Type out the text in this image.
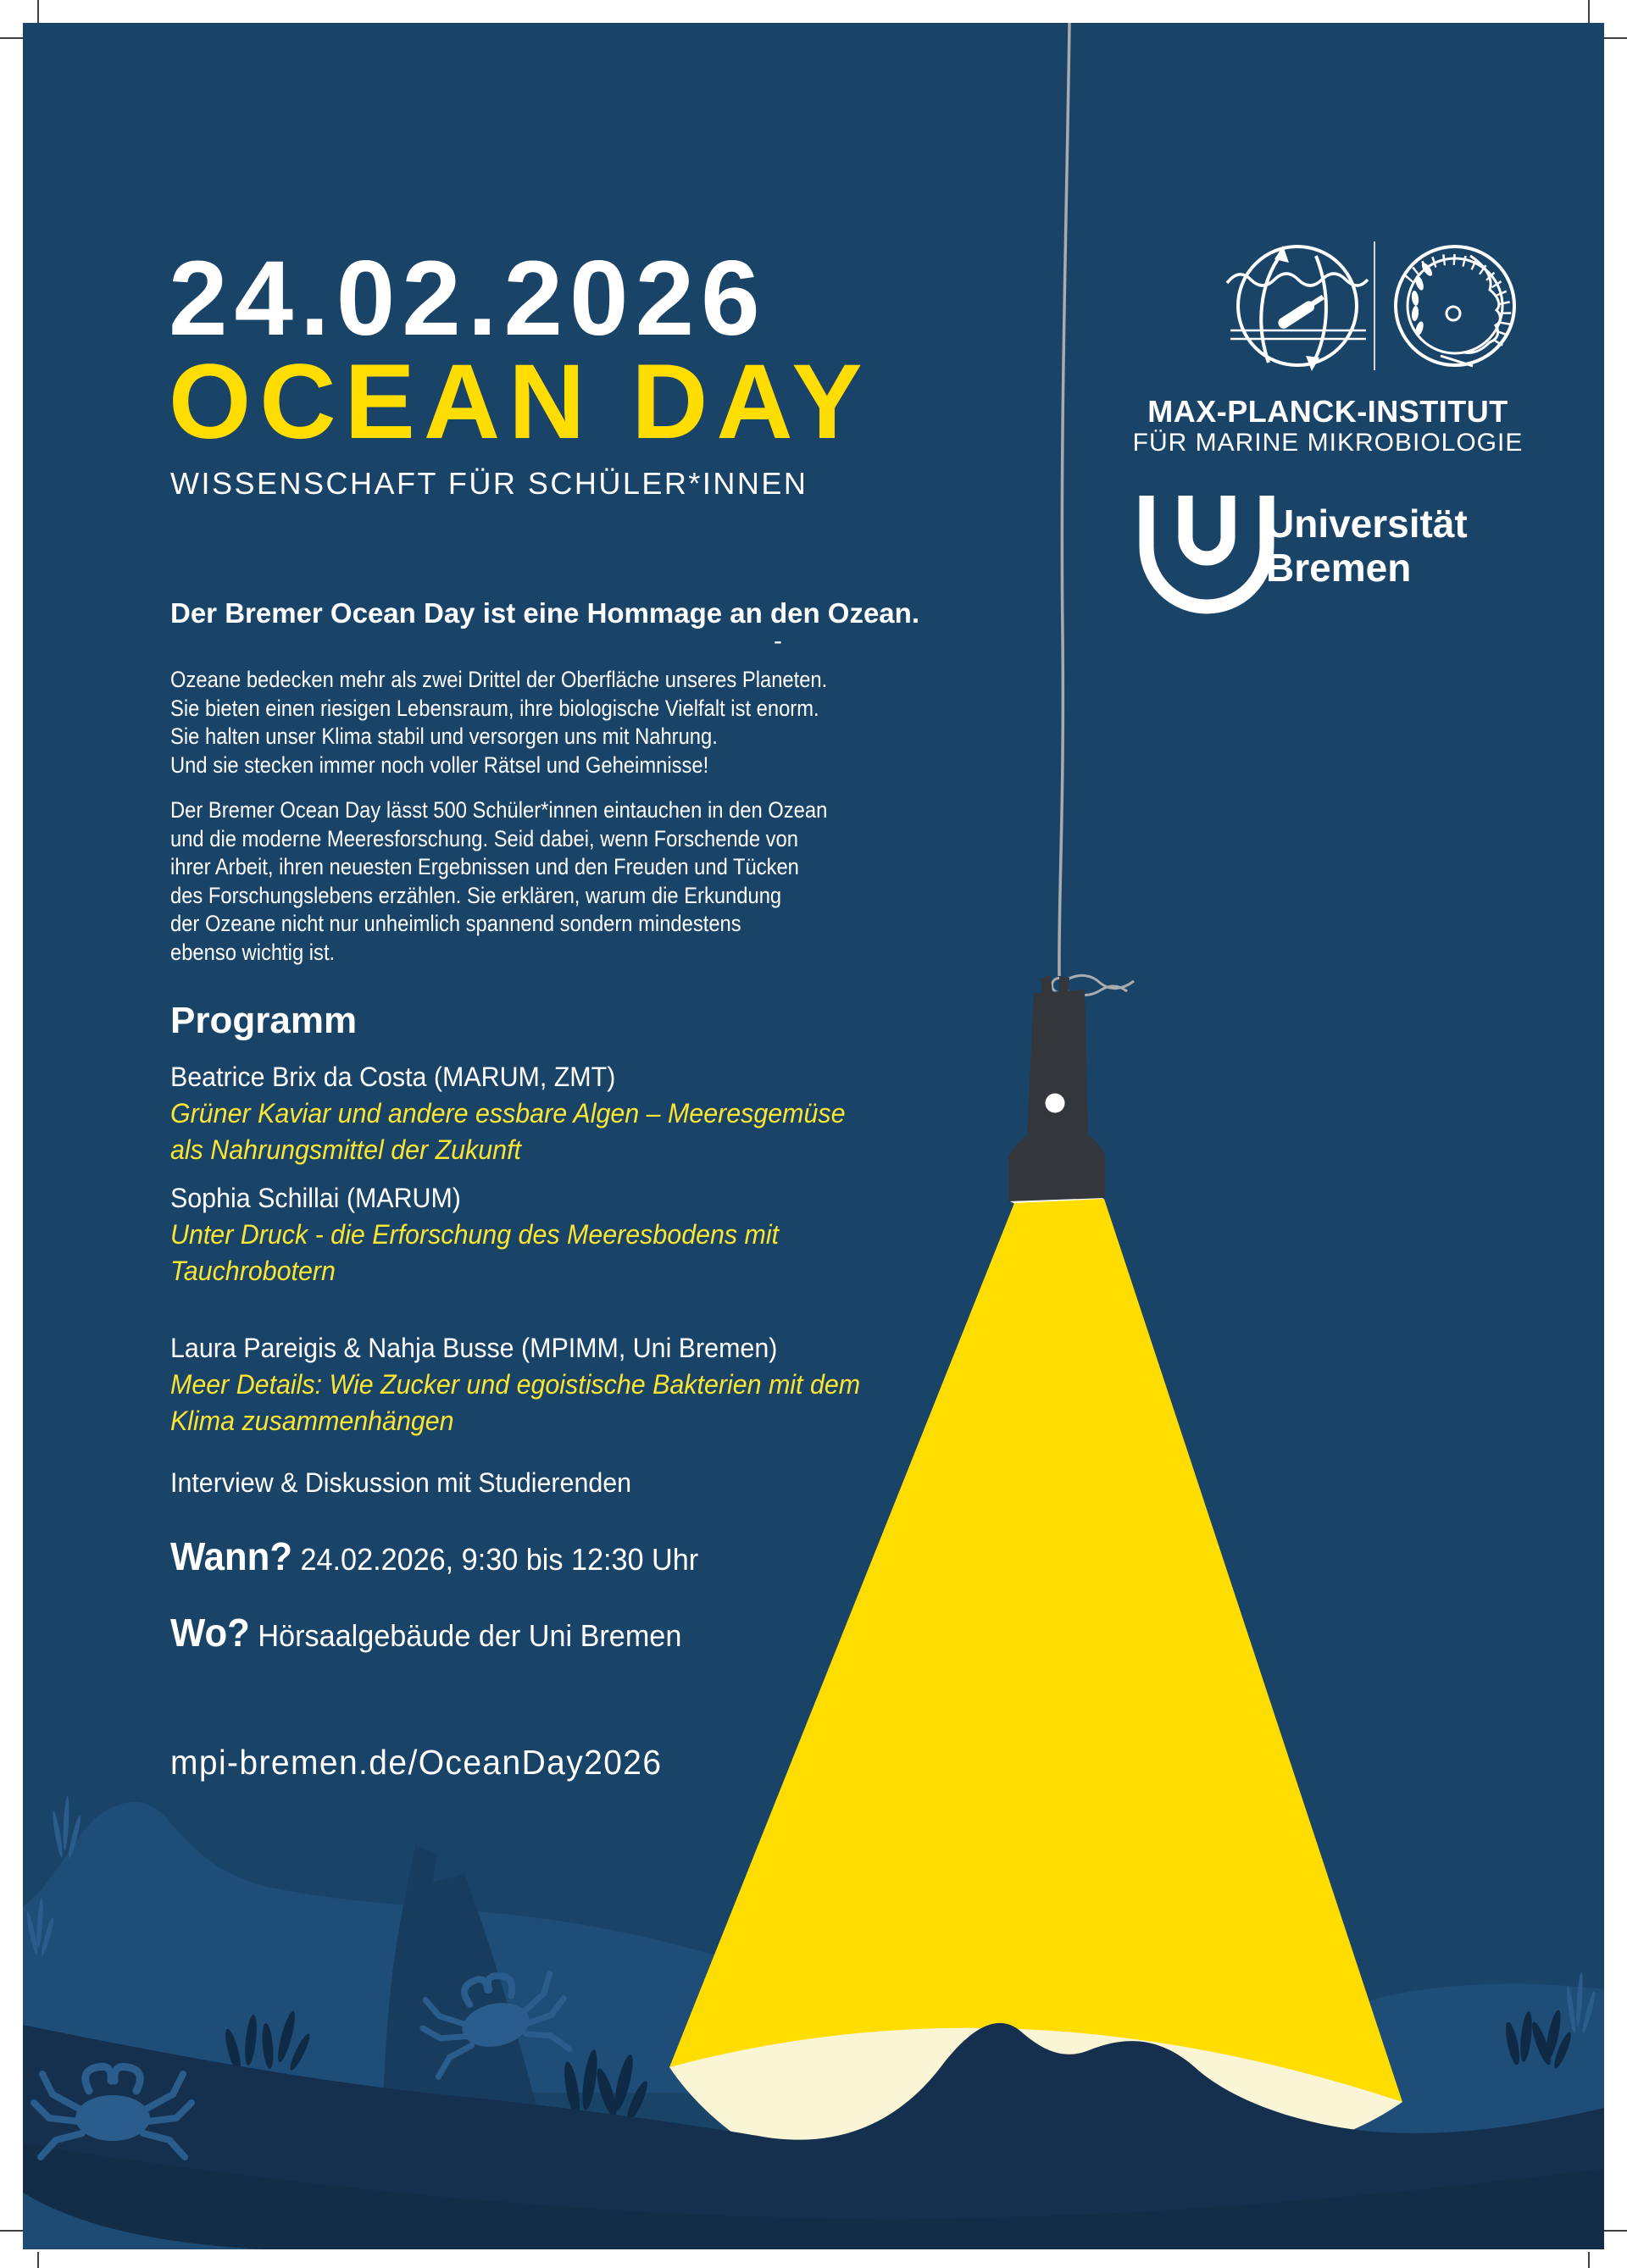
24.02.2026
OCEAN DAY
WISSENSCHAFT FÜR SCHÜLER*INNEN
Der Bremer Ocean Day ist eine Hommage an den Ozean.
-
Ozeane bedecken mehr als zwei Drittel der Oberfläche unseres Planeten.
Sie bieten einen riesigen Lebensraum, ihre biologische Vielfalt ist enorm.
Sie halten unser Klima stabil und versorgen uns mit Nahrung.
Und sie stecken immer noch voller Rätsel und Geheimnisse!
Der Bremer Ocean Day lässt 500 Schüler*innen eintauchen in den Ozean
und die moderne Meeresforschung. Seid dabei, wenn Forschende von
ihrer Arbeit, ihren neuesten Ergebnissen und den Freuden und Tücken
des Forschungslebens erzählen. Sie erklären, warum die Erkundung
der Ozeane nicht nur unheimlich spannend sondern mindestens
ebenso wichtig ist.
Programm
Beatrice Brix da Costa (MARUM, ZMT)
Grüner Kaviar und andere essbare Algen – Meeresgemüse
als Nahrungsmittel der Zukunft
Sophia Schillai (MARUM)
Unter Druck - die Erforschung des Meeresbodens mit
Tauchrobotern
Laura Pareigis & Nahja Busse (MPIMM, Uni Bremen)
Meer Details: Wie Zucker und egoistische Bakterien mit dem
Klima zusammenhängen
Interview & Diskussion mit Studierenden
Wann? 24.02.2026, 9:30 bis 12:30 Uhr
Wo? Hörsaalgebäude der Uni Bremen
mpi-bremen.de/OceanDay2026
MAX-PLANCK-INSTITUT
FÜR MARINE MIKROBIOLOGIE
Universität
Bremen
